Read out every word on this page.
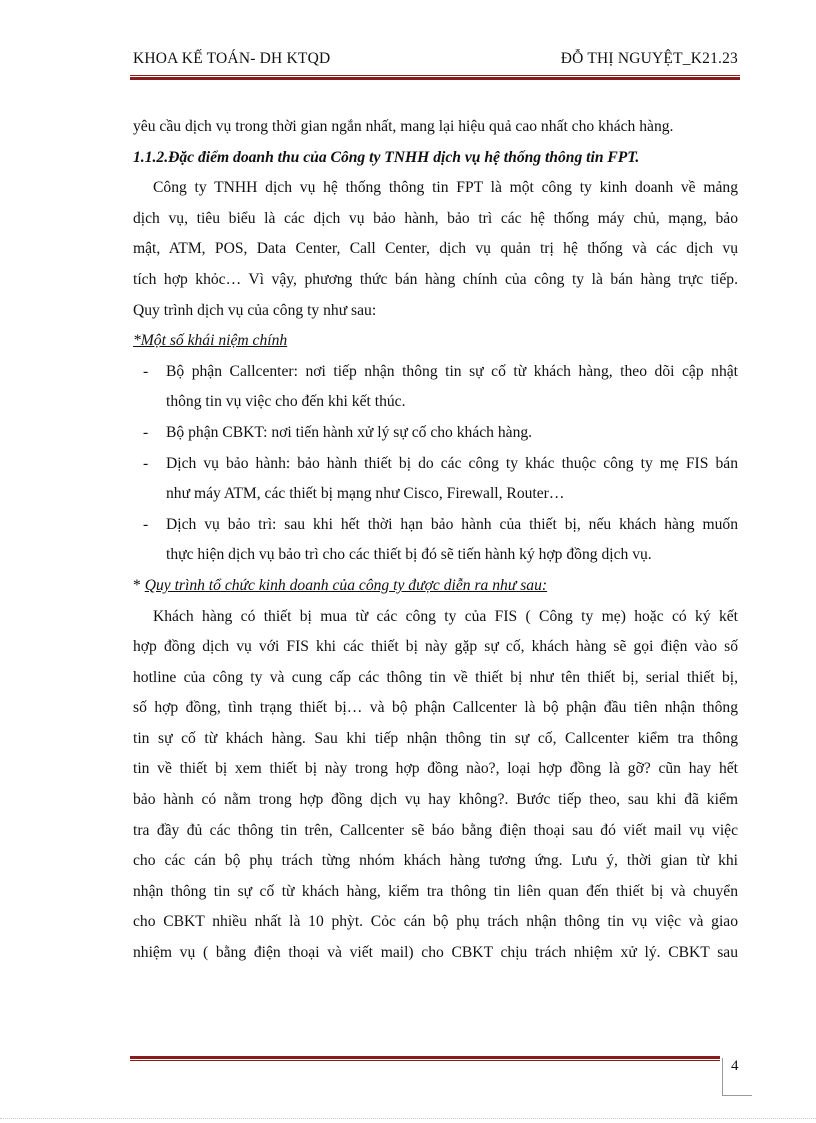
KHOA KẾ TOÁN- DH KTQD	ĐỖ THỊ NGUYỆT_K21.23
yêu cầu dịch vụ trong thời gian ngắn nhất, mang lại hiệu quả cao nhất cho khách hàng.
1.1.2.Đặc điểm doanh thu của Công ty TNHH dịch vụ hệ thống thông tin FPT.
Công ty TNHH dịch vụ hệ thống thông tin FPT là một công ty kinh doanh về mảng
dịch vụ, tiêu biểu là các dịch vụ bảo hành, bảo trì các hệ thống máy chủ, mạng, bảo
mật, ATM, POS, Data Center, Call Center, dịch vụ quản trị hệ thống và các dịch vụ
tích hợp khỏc… Vì vậy, phương thức bán hàng chính của công ty là bán hàng trực tiếp.
Quy trình dịch vụ của công ty như sau:
*Một số khái niệm chính
- Bộ phận Callcenter: nơi tiếp nhận thông tin sự cố từ khách hàng, theo dõi cập nhật
thông tin vụ việc cho đến khi kết thúc.
- Bộ phận CBKT: nơi tiến hành xử lý sự cố cho khách hàng.
- Dịch vụ bảo hành: bảo hành thiết bị do các công ty khác thuộc công ty mẹ FIS bán
như máy ATM, các thiết bị mạng như Cisco, Firewall, Router…
- Dịch vụ bảo trì: sau khi hết thời hạn bảo hành của thiết bị, nếu khách hàng muốn
thực hiện dịch vụ bảo trì cho các thiết bị đó sẽ tiến hành ký hợp đồng dịch vụ.
* Quy trình tổ chức kinh doanh của công ty được diễn ra như sau:
Khách hàng có thiết bị mua từ các công ty của FIS ( Công ty mẹ) hoặc có ký kết
hợp đồng dịch vụ với FIS khi các thiết bị này gặp sự cố, khách hàng sẽ gọi điện vào số
hotline của công ty và cung cấp các thông tin về thiết bị như tên thiết bị, serial thiết bị,
số hợp đồng, tình trạng thiết bị… và bộ phận Callcenter là bộ phận đầu tiên nhận thông
tin sự cố từ khách hàng. Sau khi tiếp nhận thông tin sự cố, Callcenter kiểm tra thông
tin về thiết bị xem thiết bị này trong hợp đồng nào?, loại hợp đồng là gỡ? cũn hay hết
bảo hành có nằm trong hợp đồng dịch vụ hay không?. Bước tiếp theo, sau khi đã kiểm
tra đầy đủ các thông tin trên, Callcenter sẽ báo bằng điện thoại sau đó viết mail vụ việc
cho các cán bộ phụ trách từng nhóm khách hàng tương ứng. Lưu ý, thời gian từ khi
nhận thông tin sự cố từ khách hàng, kiểm tra thông tin liên quan đến thiết bị và chuyển
cho CBKT nhiều nhất là 10 phỳt. Cỏc cán bộ phụ trách nhận thông tin vụ việc và giao
nhiệm vụ ( bằng điện thoại và viết mail) cho CBKT chịu trách nhiệm xử lý. CBKT sau
4
